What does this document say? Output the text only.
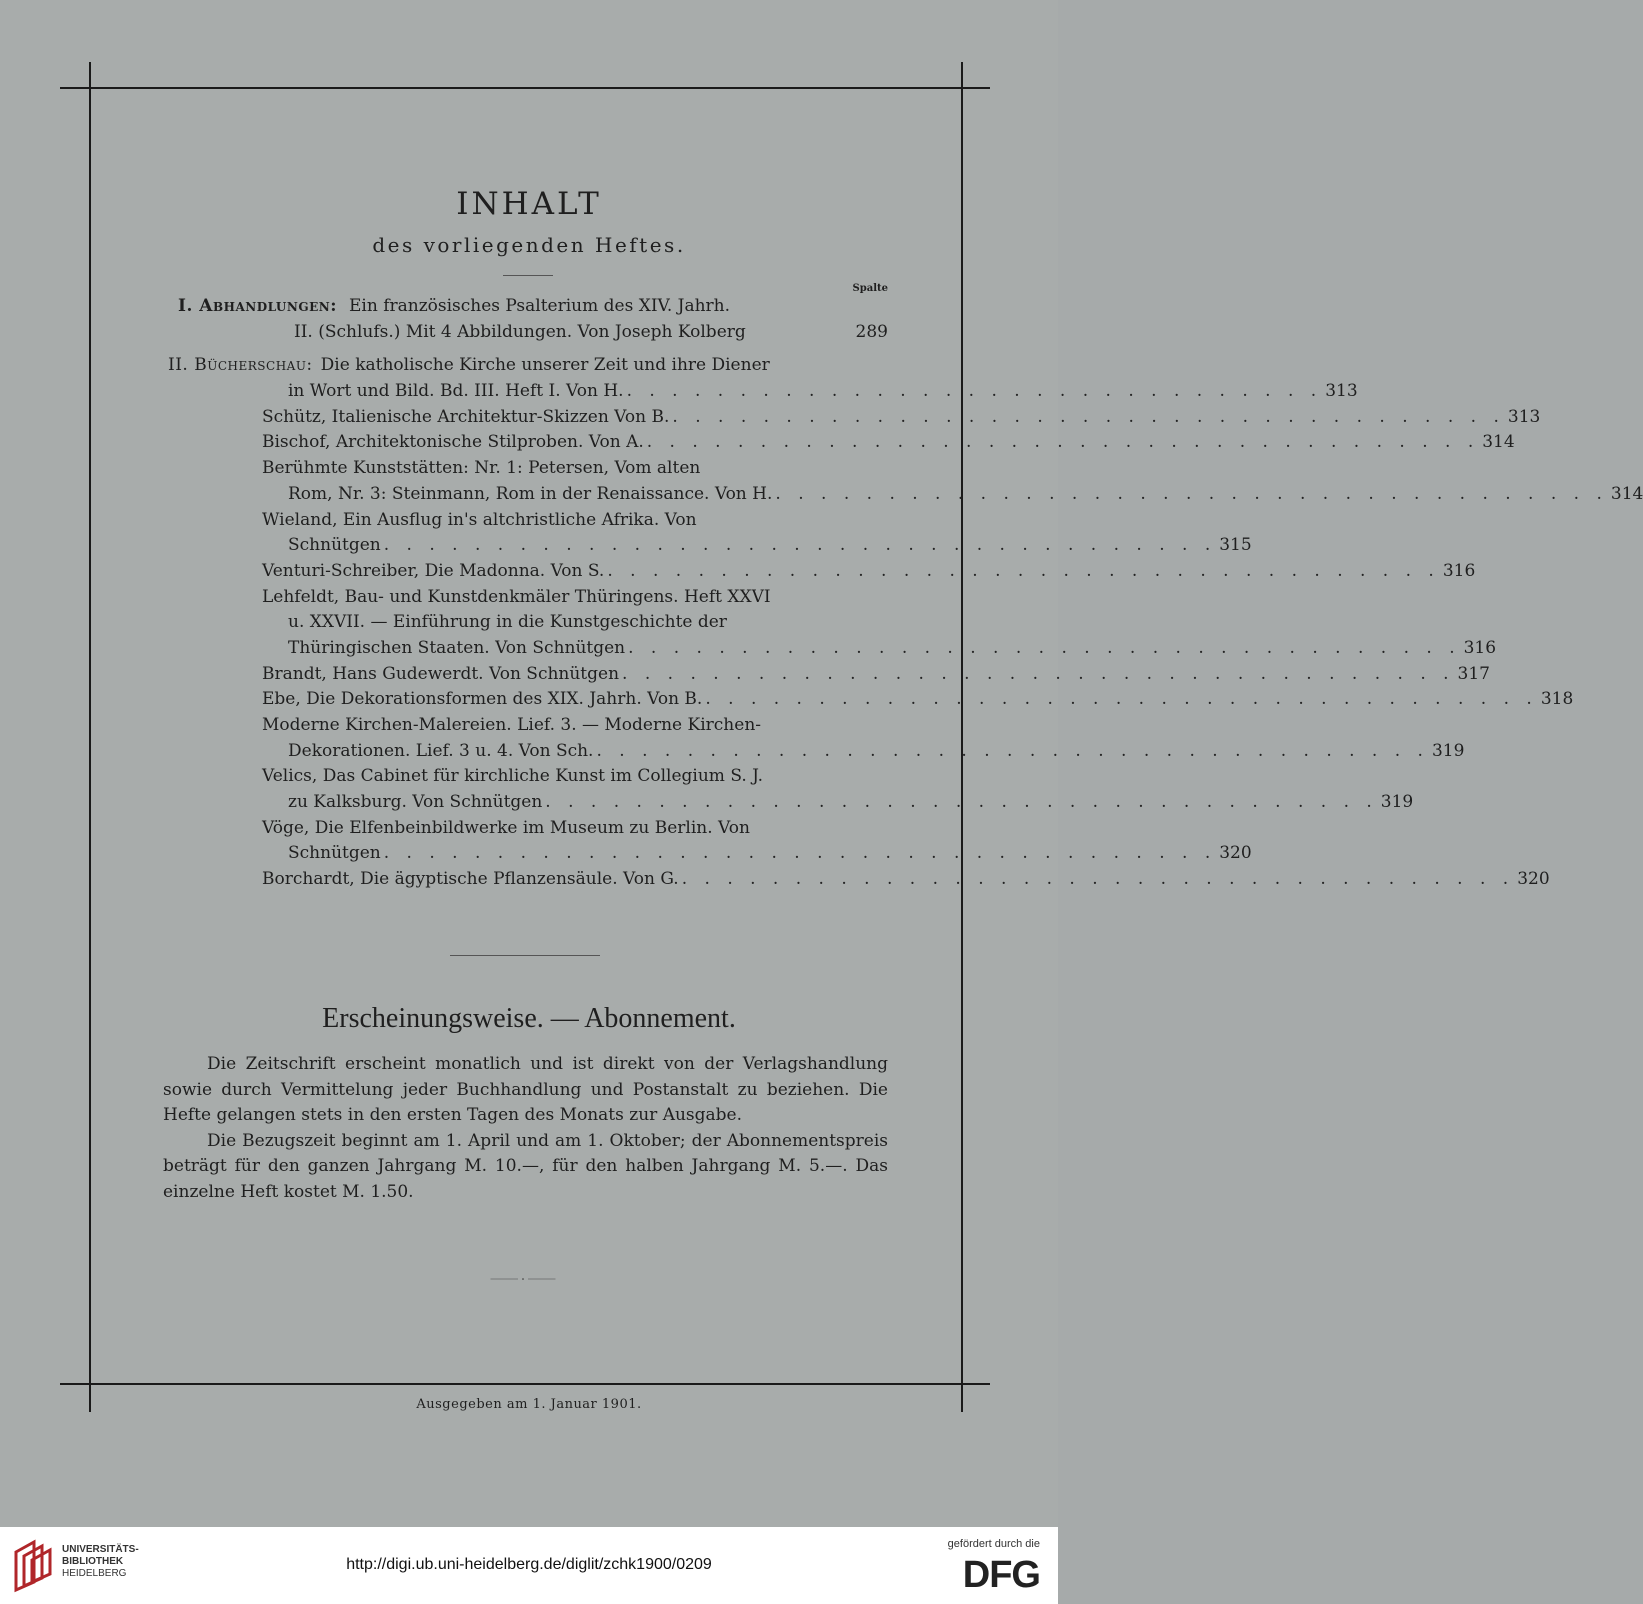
INHALT
des vorliegenden Heftes.
Spalte
I. Abhandlungen: Ein französisches Psalterium des XIV. Jahrh.
II. (Schlufs.) Mit 4 Abbildungen. Von Joseph Kolberg	289
II. Bücherschau: Die katholische Kirche unserer Zeit und ihre Diener
in Wort und Bild. Bd. III. Heft I. Von H. . . . . . . . . . . . . . . . . . . . . . . . . . . . . . . . 313
Schütz, Italienische Architektur-Skizzen Von B. . . . . . . . . . . . . . . . . . . . . . . . . . . . . . . . . . . . . . 313
Bischof, Architektonische Stilproben. Von A. . . . . . . . . . . . . . . . . . . . . . . . . . . . . . . . . . . . . . 314
Berühmte Kunststätten: Nr. 1: Petersen, Vom alten
Rom, Nr. 3: Steinmann, Rom in der Renaissance. Von H. . . . . . . . . . . . . . . . . . . . . . . . . . . . . . . . . . . . . . 314
Wieland, Ein Ausflug in's altchristliche Afrika. Von
Schnütgen . . . . . . . . . . . . . . . . . . . . . . . . . . . . . . . . . . . . . 315
Venturi-Schreiber, Die Madonna. Von S. . . . . . . . . . . . . . . . . . . . . . . . . . . . . . . . . . . . . . 316
Lehfeldt, Bau- und Kunstdenkmäler Thüringens. Heft XXVI
u. XXVII. — Einführung in die Kunstgeschichte der
Thüringischen Staaten. Von Schnütgen . . . . . . . . . . . . . . . . . . . . . . . . . . . . . . . . . . . . . 316
Brandt, Hans Gudewerdt. Von Schnütgen . . . . . . . . . . . . . . . . . . . . . . . . . . . . . . . . . . . . . 317
Ebe, Die Dekorationsformen des XIX. Jahrh. Von B. . . . . . . . . . . . . . . . . . . . . . . . . . . . . . . . . . . . . . 318
Moderne Kirchen-Malereien. Lief. 3. — Moderne Kirchen-
Dekorationen. Lief. 3 u. 4. Von Sch. . . . . . . . . . . . . . . . . . . . . . . . . . . . . . . . . . . . . . 319
Velics, Das Cabinet für kirchliche Kunst im Collegium S. J.
zu Kalksburg. Von Schnütgen . . . . . . . . . . . . . . . . . . . . . . . . . . . . . . . . . . . . . 319
Vöge, Die Elfenbeinbildwerke im Museum zu Berlin. Von
Schnütgen . . . . . . . . . . . . . . . . . . . . . . . . . . . . . . . . . . . . . 320
Borchardt, Die ägyptische Pflanzensäule. Von G. . . . . . . . . . . . . . . . . . . . . . . . . . . . . . . . . . . . . . 320
Erscheinungsweise. — Abonnement.

Die Zeitschrift erscheint monatlich und ist direkt von der Verlagshandlung sowie durch Vermittelung jeder Buchhandlung und Postanstalt zu beziehen. Die Hefte gelangen stets in den ersten Tagen des Monats zur Ausgabe.

Die Bezugszeit beginnt am 1. April und am 1. Oktober; der Abonnementspreis beträgt für den ganzen Jahrgang M. 10.—, für den halben Jahrgang M. 5.—. Das einzelne Heft kostet M. 1.50.

Ausgegeben am 1. Januar 1901.
UNIVERSITÄTS-
BIBLIOTHEK
HEIDELBERG
http://digi.ub.uni-heidelberg.de/diglit/zchk1900/0209
gefördert durch die
DFG
